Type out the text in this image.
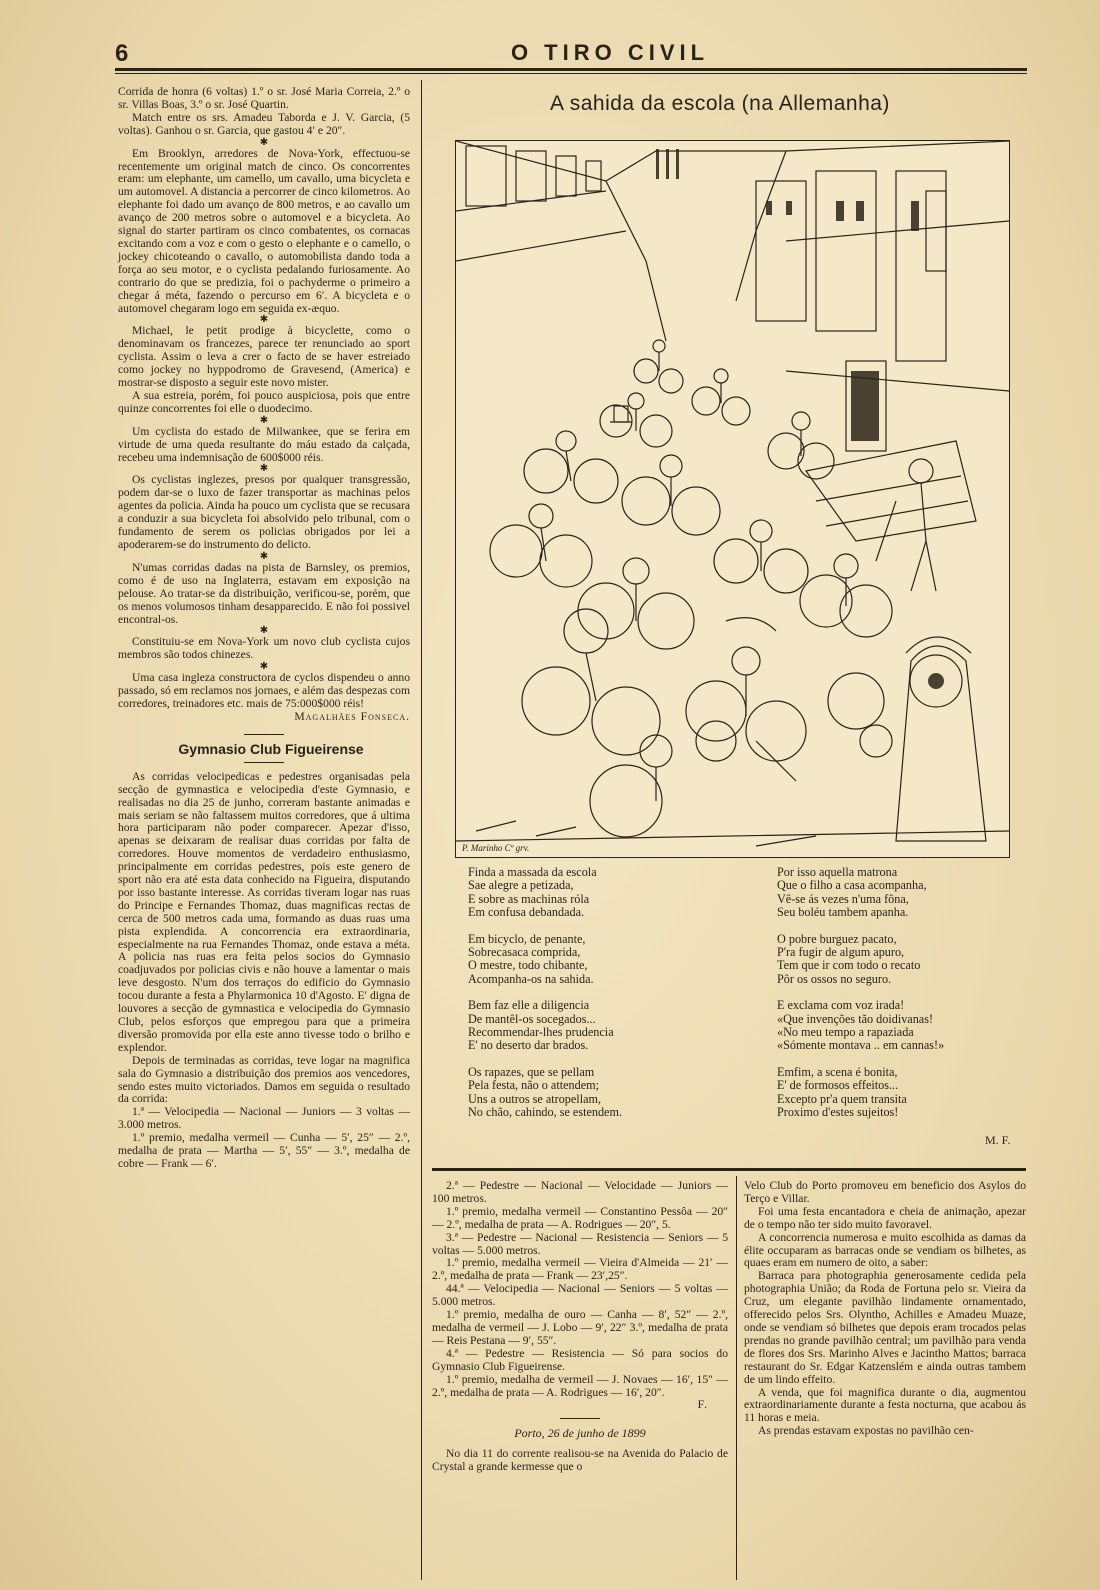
6	O TIRO CIVIL

Corrida de honra (6 voltas) 1.º o sr. José Maria Correia, 2.º o sr. Villas Boas, 3.º o sr. José Quartin.

Match entre os srs. Amadeu Taborda e J. V. Garcia, (5 voltas). Ganhou o sr. Garcia, que gastou 4′ e 20″.

✱

Em Brooklyn, arredores de Nova-York, effectuou-se recentemente um original match de cinco. Os concorrentes eram: um elephante, um camello, um cavallo, uma bicycleta e um automovel. A distancia a percorrer de cinco kilometros. Ao elephante foi dado um avanço de 800 metros, e ao cavallo um avanço de 200 metros sobre o automovel e a bicycleta. Ao signal do starter partiram os cinco combatentes, os cornacas excitando com a voz e com o gesto o elephante e o camello, o jockey chicoteando o cavallo, o automobilista dando toda a força ao seu motor, e o cyclista pedalando furiosamente. Ao contrario do que se predizia, foi o pachyderme o primeiro a chegar á méta, fazendo o percurso em 6′. A bicycleta e o automovel chegaram logo em seguida ex-æquo.

✱

Michael, le petit prodige à bicyclette, como o denominavam os francezes, parece ter renunciado ao sport cyclista. Assim o leva a crer o facto de se haver estreiado como jockey no hyppodromo de Gravesend, (America) e mostrar-se disposto a seguir este novo mister.

A sua estreia, porém, foi pouco auspiciosa, pois que entre quinze concorrentes foi elle o duodecimo.

✱

Um cyclista do estado de Milwankee, que se ferira em virtude de uma queda resultante do máu estado da calçada, recebeu uma indemnisação de 600$000 réis.

✱

Os cyclistas inglezes, presos por qualquer transgressão, podem dar-se o luxo de fazer transportar as machinas pelos agentes da policia. Ainda ha pouco um cyclista que se recusara a conduzir a sua bicycleta foi absolvido pelo tribunal, com o fundamento de serem os policias obrigados por lei a apoderarem-se do instrumento do delicto.

✱

N'umas corridas dadas na pista de Barnsley, os premios, como é de uso na Inglaterra, estavam em exposição na pelouse. Ao tratar-se da distribuição, verificou-se, porém, que os menos volumosos tinham desapparecido. E não foi possivel encontral-os.

✱

Constituiu-se em Nova-York um novo club cyclista cujos membros são todos chinezes.

✱

Uma casa ingleza constructora de cyclos dispendeu o anno passado, só em reclamos nos jornaes, e além das despezas com corredores, treinadores etc. mais de 75:000$000 réis!

Magalhães Fonseca.

Gymnasio Club Figueirense

As corridas velocipedicas e pedestres organisadas pela secção de gymnastica e velocipedia d'este Gymnasio, e realisadas no dia 25 de junho, correram bastante animadas e mais seriam se não faltassem muitos corredores, que á ultima hora participaram não poder comparecer. Apezar d'isso, apenas se deixaram de realisar duas corridas por falta de corredores. Houve momentos de verdadeiro enthusiasmo, principalmente em corridas pedestres, pois este genero de sport não era até esta data conhecido na Figueira, disputando por isso bastante interesse. As corridas tiveram logar nas ruas do Principe e Fernandes Thomaz, duas magnificas rectas de cerca de 500 metros cada uma, formando as duas ruas uma pista explendida. A concorrencia era extraordinaria, especialmente na rua Fernandes Thomaz, onde estava a méta. A policia nas ruas era feita pelos socios do Gymnasio coadjuvados por policias civis e não houve a lamentar o mais leve desgosto. N'um dos terraços do edificio do Gymnasio tocou durante a festa a Phylarmonica 10 d'Agosto. E' digna de louvores a secção de gymnastica e velocipedia do Gymnasio Club, pelos esforços que empregou para que a primeira diversão promovida por ella este anno tivesse todo o brilho e explendor.

Depois de terminadas as corridas, teve logar na magnifica sala do Gymnasio a distribuição dos premios aos vencedores, sendo estes muito victoriados. Damos em seguida o resultado da corrida:

1.ª — Velocipedia — Nacional — Juniors — 3 voltas — 3.000 metros.

1.º premio, medalha vermeil — Cunha — 5′, 25″ — 2.º, medalha de prata — Martha — 5′, 55″ — 3.º, medalha de cobre — Frank — 6′.

A sahida da escola (na Allemanha)
P. Marinho Cº grv.
Finda a massada da escola
Sae alegre a petizada,
E sobre as machinas róla
Em confusa debandada.
Em bicyclo, de penante,
Sobrecasaca comprida,
O mestre, todo chibante,
Acompanha-os na sahida.
Bem faz elle a diligencia
De mantêl-os socegados...
Recommendar-lhes prudencia
E' no deserto dar brados.
Os rapazes, que se pellam
Pela festa, não o attendem;
Uns a outros se atropellam,
No chão, cahindo, se estendem.
Por isso aquella matrona
Que o filho a casa acompanha,
Vê-se ás vezes n'uma fôna,
Seu boléu tambem apanha.
O pobre burguez pacato,
P'ra fugir de algum apuro,
Tem que ir com todo o recato
Pôr os ossos no seguro.
E exclama com voz irada!
«Que invenções tão doidivanas!
«No meu tempo a rapaziada
«Sómente montava .. em cannas!»
Emfim, a scena é bonita,
E' de formosos effeitos...
Excepto pr'a quem transita
Proximo d'estes sujeitos!
M. F.

2.ª — Pedestre — Nacional — Velocidade — Juniors — 100 metros.

1.º premio, medalha vermeil — Constantino Pessôa — 20″ — 2.º, medalha de prata — A. Rodrigues — 20″, 5.

3.ª — Pedestre — Nacional — Resistencia — Seniors — 5 voltas — 5.000 metros.

1.º premio, medalha vermeil — Vieira d'Almeida — 21′ — 2.º, medalha de prata — Frank — 23′,25″.

44.ª — Velocipedia — Nacional — Seniors — 5 voltas — 5.000 metros.

1.º premio, medalha de ouro — Canha — 8′, 52″ — 2.º, medalha de vermeil — J. Lobo — 9′, 22″ 3.º, medalha de prata — Reis Pestana — 9′, 55″.

4.ª — Pedestre — Resistencia — Só para socios do Gymnasio Club Figueirense.

1.º premio, medalha de vermeil — J. Novaes — 16′, 15″ — 2.º, medalha de prata — A. Rodrigues — 16′, 20″.

F.

Porto, 26 de junho de 1899

No dia 11 do corrente realisou-se na Avenida do Palacio de Crystal a grande kermesse que o

Velo Club do Porto promoveu em beneficio dos Asylos do Terço e Villar.

Foi uma festa encantadora e cheia de animação, apezar de o tempo não ter sido muito favoravel.

A concorrencia numerosa e muito escolhida as damas da élite occuparam as barracas onde se vendiam os bilhetes, as quaes eram em numero de oito, a saber:

Barraca para photographia generosamente cedida pela photographia União; da Roda de Fortuna pelo sr. Vieira da Cruz, um elegante pavilhão lindamente ornamentado, offerecido pelos Srs. Olyntho, Achilles e Amadeu Muaze, onde se vendiam só bilhetes que depois eram trocados pelas prendas no grande pavilhão central; um pavilhão para venda de flores dos Srs. Marinho Alves e Jacintho Mattos; barraca restaurant do Sr. Edgar Katzenslém e ainda outras tambem de um lindo effeito.

A venda, que foi magnifica durante o dia, augmentou extraordinariamente durante a festa nocturna, que acabou ás 11 horas e meia.

As prendas estavam expostas no pavilhão cen-
